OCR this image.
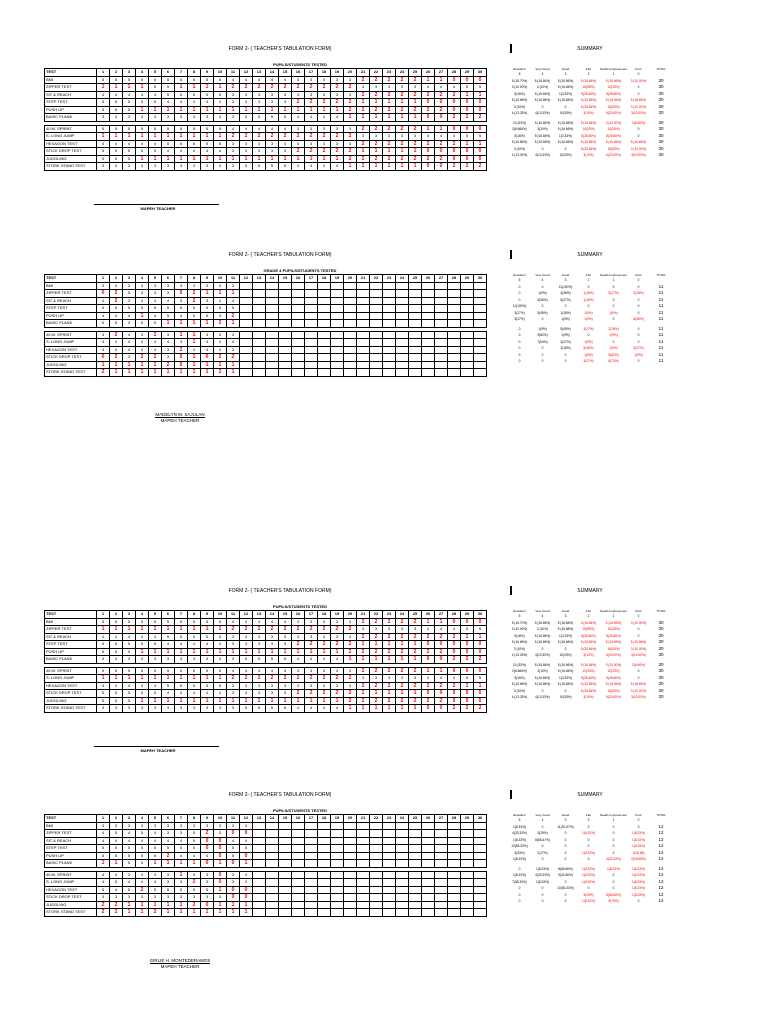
FORM 2- ( TEACHER'S TABULATION FORM)	SUMMARY
PUPILS/STUDENTS TESTED
TEST	1	2	3	4	5	6	7	8	9	10	11	12	13	14	15	16	17	18	19	20	21	22	23	24	25	26	27	28	29	30
BMI	5	5	5	5	5	5	5	5	5	5	4	4	4	4	4	3	3	3	3	3	2	2	2	2	2	1	1	0	0	0
ZIPPER TEST	1	1	1	1	5	5	1	1	1	1	2	2	2	2	2	2	2	2	2	2	3	3	3	3	3	4	4	4	5	5
SIT & REACH	4	4	4	4	4	5	5	5	5	5	3	3	3	3	3	3	3	3	3	3	2	2	2	2	2	2	2	2	1	1
STEP TEST	5	5	5	5	5	4	4	4	4	4	3	3	3	3	3	2	2	2	2	2	1	1	1	1	1	0	0	0	0	0
PUSH UP	5	5	5	1	1	1	1	1	1	1	1	1	1	1	1	1	1	1	1	2	2	2	2	2	2	2	2	0	0	0
BASIC PLANK	3	3	3	3	3	3	3	3	3	3	3	5	5	5	5	4	4	4	4	1	1	1	1	1	1	0	0	2	2	2

40 M. SPRINT	5	5	5	5	5	5	5	5	5	5	4	4	4	4	4	3	3	3	3	3	2	2	2	2	2	1	1	0	0	0
S. LONG JUMP	1	1	1	1	1	1	1	1	1	1	2	2	2	2	2	2	2	2	2	2	3	3	3	3	3	4	4	4	5	5
HEXAGON TEST	4	4	4	4	4	5	5	5	5	5	3	3	3	3	3	3	3	3	3	3	2	2	2	2	2	2	2	2	1	1
STICK DROP TEST	5	5	5	5	5	4	4	4	4	4	3	3	3	3	3	2	2	2	2	2	1	1	1	1	1	0	0	0	0	0
JUGGLING	5	5	5	1	1	1	1	1	1	1	1	1	1	1	1	1	1	1	1	2	2	2	2	2	2	2	2	0	0	0
STORK STAND TEST	3	3	3	3	3	3	3	3	3	3	3	5	5	5	5	4	4	4	4	1	1	1	1	1	1	0	0	2	2	2
Excellent	Very Good	Good	Fair	Needs Improvement	Poor	TOTAL
5	4	3	2	1	0	
5 (16.70%)	5 (16.66%)	5 (16.66%)	5 (16.66%)	5 (16.66%)	3 (10.00%)	30
3 (10.00%)	3 (10%)	5 (16.66%)	16(55%)	10(33%)	0	30
5(16%)	5 (16.66%)	1(3.33%)	8(26.66%)	8(26.66%)	0	30
5 (16.66%)	5 (16.66%)	5 (16.66%)	5 (16.66%)	5 (16.66%)	5 (16.66%)	30
3 (10%)	0	0	8 (26.66%)	16(53%)	3 (10.00%)	30
4 (13.33%)	4(13.33%)	10(33%)	3(10%)	6(20.00%)	3(10.00%)	30

10 (33%)	5 (16.66%)	5 (16.66%)	5 (16.66%)	3 (10.00%)	2(6.66%)	30
2(6.666%)	3(10%)	5 (16.66%)	10(33%)	10(33%)	0	30
5(16%)	5 (16.66%)	1(3.33%)	8(26.66%)	8(26.66%)	0	30
5 (16.66%)	5 (16.66%)	5 (16.66%)	5 (16.66%)	5 (16.66%)	5 (16.66%)	30
3 (10%)	0	0	8 (26.66%)	16(53%)	3 (10.00%)	30
4 (13.33%)	4(13.33%)	10(33%)	3(10%)	6(20.00%)	3(10.00%)	30
MAPEH TEACHER
FORM 2- ( TEACHER'S TABULATION FORM)	SUMMARY
GRADE 4 PUPILS/STUDENTS TESTED
TEST	1	2	3	4	5	6	7	8	9	10	11	12	13	14	15	16	17	18	19	20	21	22	23	24	25	26	27	28	29	30
BMI	3	3	3	3	3	3	3	3	3	3	3																			
ZIPPER TEST	0	2	5	3	3	3	0	2	1	1	1																			
SIT & REACH	4	2	3	4	4	4	3	2	3	4	4																			
STEP TEST	5	5	5	5	5	5	5	5	5	5	5																			
PUSH UP	4	4	4	1	4	5	4	5	5	3	2																			
BASIC PLANK	5	5	3	5	5	1	1	1	1	2	1																			

40 M. SPRINT	3	2	4	3	2	3	1	1	3	3	3																			
S. LONG JUMP	4	4	4	4	4	4	3	1	4	4	4																			
HEXAGON TEST	4	3	4	4	4	3	2	4	4	4	3																			
STICK DROP TEST	0	2	3	2	2	3	0	1	0	2	2																			
JUGGLING	1	1	1	1	1	2	0	1	1	1	1																			
STORK STAND TEST	2	1	1	1	1	1	1	1	1	2	1																			
Excellent	Very Good	Good	Fair	Needs Improvement	Poor	TOTAL
5	4	3	2	1	0	
0	0	11(100%)	0	0	0	11
0	1(9%)	4(36%)	1(18%)	5(27%)	2(18%)	11
0	4(36%)	5(27%)	1(18%)	0	0	11
11(100%)	0	0	0	0	0	11
3(27%)	5(45%)	1(18%)	1(9%)	1(9%)	0	11
3(27%)	0	1(9%)	1(9%)	0	6(55%)	11

0	1(9%)	5(45%)	3(27%)	2(18%)	0	11
0	9(82%)	1(9%)	0	1(9%)	0	11
0	7(64%)	3(27%)	1(9%)	0	0	11
0	0	2(18%)	5(45%)	1(9%)	3(27%)	11
0	0	0	1(9%)	9(82%)	1(9%)	11
0	0	0	3(27%)	8(73%)	0	11
MADELYN M. SAJULAN
MAPEH TEACHER
FORM 2- ( TEACHER'S TABULATION FORM)	SUMMARY
PUPILS/STUDENTS TESTED
TEST	1	2	3	4	5	6	7	8	9	10	11	12	13	14	15	16	17	18	19	20	21	22	23	24	25	26	27	28	29	30
BMI	5	5	5	5	5	5	5	5	5	5	4	4	4	4	4	3	3	3	3	3	2	2	2	2	2	1	1	0	0	0
ZIPPER TEST	1	1	1	1	1	1	1	1	1	1	2	2	2	2	2	2	2	2	2	2	3	3	3	3	3	4	4	4	5	5
SIT & REACH	4	4	4	4	4	5	5	5	5	5	3	3	3	3	3	3	3	3	3	3	2	2	2	2	2	2	2	2	1	1
STEP TEST	5	5	5	5	5	4	4	4	4	4	3	3	3	3	3	2	2	2	2	2	1	1	1	1	1	0	0	0	0	0
PUSH UP	5	5	5	1	1	1	1	1	1	1	1	1	1	1	1	1	1	1	1	2	2	2	2	2	2	2	2	0	0	0
BASIC PLANK	3	3	3	3	3	3	3	3	3	3	3	5	5	5	5	4	4	4	4	1	1	1	1	1	1	0	0	2	2	2

40 M. SPRINT	5	5	5	5	5	5	5	5	5	5	4	4	4	4	4	3	3	3	3	3	2	2	2	2	2	1	1	0	0	0
S. LONG JUMP	1	1	1	1	1	1	1	1	1	1	2	2	2	2	2	2	2	2	2	2	3	3	3	3	3	4	4	4	5	5
HEXAGON TEST	4	4	4	4	4	5	5	5	5	5	3	3	3	3	3	3	3	3	3	3	2	2	2	2	2	2	2	2	1	1
STICK DROP TEST	5	5	5	5	5	4	4	4	4	4	3	3	3	3	3	2	2	2	2	2	1	1	1	1	1	0	0	0	0	0
JUGGLING	5	5	5	1	1	1	1	1	1	1	1	1	1	1	1	1	1	1	1	2	2	2	2	2	2	2	2	0	0	0
STORK STAND TEST	3	3	3	3	3	3	3	3	3	3	3	5	5	5	5	4	4	4	4	1	1	1	1	1	1	0	0	2	2	2
Excellent	Very Good	Good	Fair	Needs Improvement	Poor	TOTAL
5	4	3	2	1	0	
5 (16.70%)	5 (16.66%)	5 (16.66%)	5 (16.66%)	5 (16.66%)	3 (10.00%)	30
3 (10.00%)	3 (10%)	5 (16.66%)	16(55%)	10(33%)	0	30
5(16%)	5 (16.66%)	1(3.33%)	8(26.66%)	8(26.66%)	0	30
5 (16.66%)	5 (16.66%)	5 (16.66%)	5 (16.66%)	5 (16.66%)	5 (16.66%)	30
3 (10%)	0	0	8 (26.66%)	16(53%)	3 (10.00%)	30
4 (13.33%)	4(13.33%)	10(33%)	3(10%)	6(20.00%)	3(10.00%)	30

10 (33%)	5 (16.66%)	5 (16.66%)	5 (16.66%)	3 (10.00%)	2(6.66%)	30
2(6.666%)	3(10%)	5 (16.66%)	10(33%)	10(33%)	0	30
5(16%)	5 (16.66%)	1(3.33%)	8(26.66%)	8(26.66%)	0	30
5 (16.66%)	5 (16.66%)	5 (16.66%)	5 (16.66%)	5 (16.66%)	5 (16.66%)	30
3 (10%)	0	0	8 (26.66%)	16(53%)	3 (10.00%)	30
4 (13.33%)	4(13.33%)	10(33%)	3(10%)	6(20.00%)	3(10.00%)	30
MAPEH TEACHER
FORM 2- ( TEACHER'S TABULATION FORM)	SUMMARY
PUPILS/STUDENTS TESTED
TEST	1	2	3	4	5	6	7	8	9	10	11	12	13	14	15	16	17	18	19	20	21	22	23	24	25	26	27	28	29	30
BMI	3	3	3	3	3	3	3	3	3	3	3	3																		
ZIPPER TEST	4	5	4	5	4	3	3	5	2	3	0	0																		
SIT & REACH	4	4	4	4	4	4	4	5	0	0	4	4																		
STEP TEST	5	5	5	5	5	5	5	5	0	0	5	5																		
PUSH UP	5	5	5	5	5	2	4	4	4	0	5	0																		
BASIC PLANK	1	1	5	3	1	1	1	1	0	1	0	1																		

40 M. SPRINT	4	3	3	3	3	3	1	3	3	0	3	3																		
S. LONG JUMP	4	5	4	4	4	3	3	2	3	0	3	3																		
HEXAGON TEST	5	4	5	2	5	5	5	5	5	1	0	0																		
STICK DROP TEST	3	3	3	3	3	3	3	3	3	3	0	0																		
JUGGLING	2	2	1	1	1	1	1	2	0	1	1	1																		
STORK STAND TEST	2	2	1	1	2	1	1	1	1	1	1	1																		
Excellent	Very Good	Good	Fair	Needs Improvement	Poor	TOTAL
5	4	3	2	1	0	
1(8.33%)	0	11(91.67%)	0	0	0	12
4(33.33%)	3(25%)	0	1(8.33%)	0	1(8.33%)	12
1(8.33%)	8(66.67%)	0	0	0	1(8.33%)	12
10(83.33%)	0	0	0	0	1(8.33%)	12
4(33%)	2(17%)	0	1(8.33%)	0	2(16.66)	12
1(8.33%)	0	0	0	4(33.33%)	2(16.66%)	12

0	1(8.33%)	8(66.66%)	1(8.33%)	1(8.33%)	1(8.33%)	12
1(8.33%)	4(33.33%)	5(41.66%)	1(8.33%)	0	1(8.33%)	12
7(58.33%)	1(8.33%)	0	1(8.33%)	0	1(8.33%)	12
0	0	10(83.33%)	0	0	1(8.33%)	12
0	0	0	3(25%)	8(66.66%)	1(8.33%)	12
0	0	0	1(8.33%)	9(75%)	0	12
GIRLIE H. MONTEDERAMOS
MAPEH TEACHER
